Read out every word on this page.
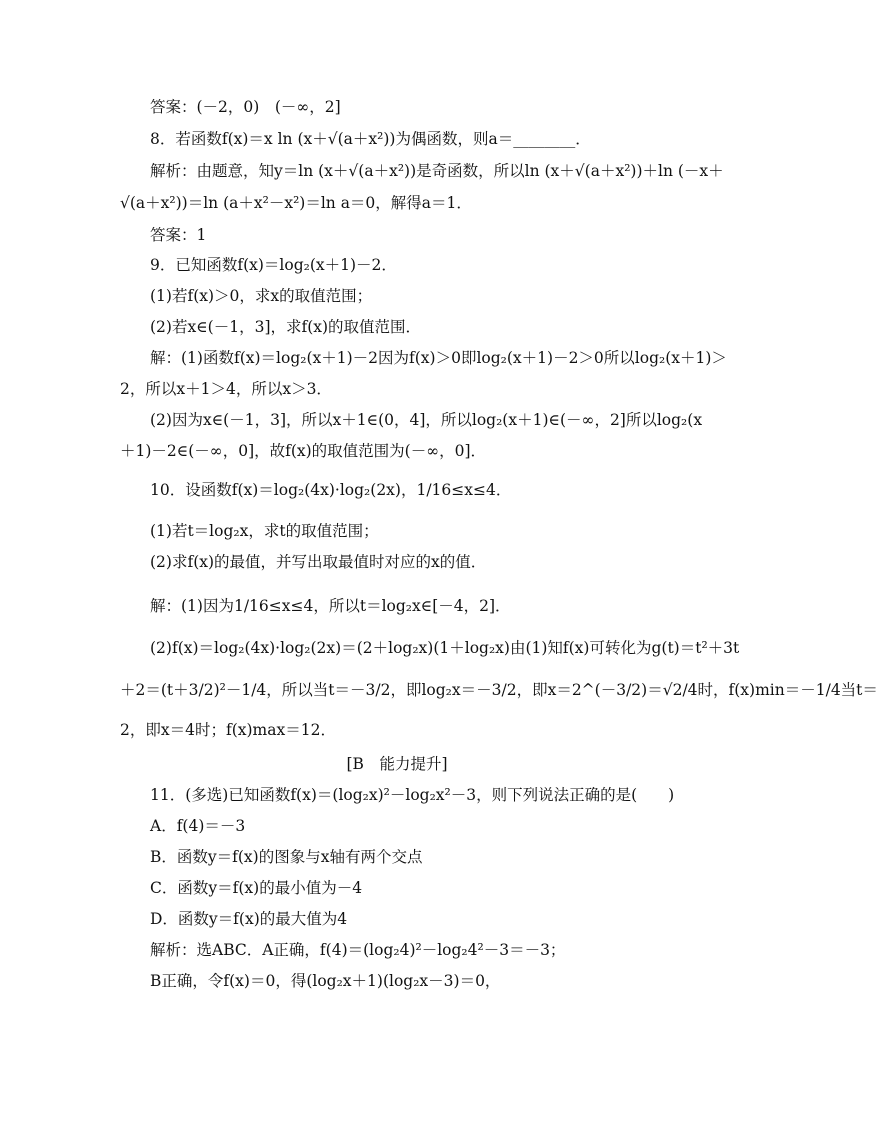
答案：(－2，0)　(－∞，2]
8．若函数f(x)＝x ln (x＋√(a＋x²))为偶函数，则a＝________．
解析：由题意，知y＝ln (x＋√(a＋x²))是奇函数，所以ln (x＋√(a＋x²))＋ln (－x＋
√(a＋x²))＝ln (a＋x²－x²)＝ln a＝0，解得a＝1．
答案：1
9．已知函数f(x)＝log₂(x＋1)－2．
(1)若f(x)＞0，求x的取值范围；
(2)若x∈(－1，3]，求f(x)的取值范围．
解：(1)函数f(x)＝log₂(x＋1)－2因为f(x)＞0即log₂(x＋1)－2＞0所以log₂(x＋1)＞
2，所以x＋1＞4，所以x＞3．
(2)因为x∈(－1，3]，所以x＋1∈(0，4]，所以log₂(x＋1)∈(－∞，2]所以log₂(x
＋1)－2∈(－∞，0]，故f(x)的取值范围为(－∞，0]．
10．设函数f(x)＝log₂(4x)·log₂(2x)，1/16≤x≤4．
(1)若t＝log₂x，求t的取值范围；
(2)求f(x)的最值，并写出取最值时对应的x的值．
解：(1)因为1/16≤x≤4，所以t＝log₂x∈[－4，2]．
(2)f(x)＝log₂(4x)·log₂(2x)＝(2＋log₂x)(1＋log₂x)由(1)知f(x)可转化为g(t)＝t²＋3t
＋2＝(t＋3/2)²－1/4，所以当t＝－3/2，即log₂x＝－3/2，即x＝2^(－3/2)＝√2/4时，f(x)min＝－1/4当t＝
2，即x＝4时；f(x)max＝12．
[B　能力提升]
11．(多选)已知函数f(x)＝(log₂x)²－log₂x²－3，则下列说法正确的是(　　)
A．f(4)＝－3
B．函数y＝f(x)的图象与x轴有两个交点
C．函数y＝f(x)的最小值为－4
D．函数y＝f(x)的最大值为4
解析：选ABC．A正确，f(4)＝(log₂4)²－log₂4²－3＝－3；
B正确，令f(x)＝0，得(log₂x＋1)(log₂x－3)＝0，
